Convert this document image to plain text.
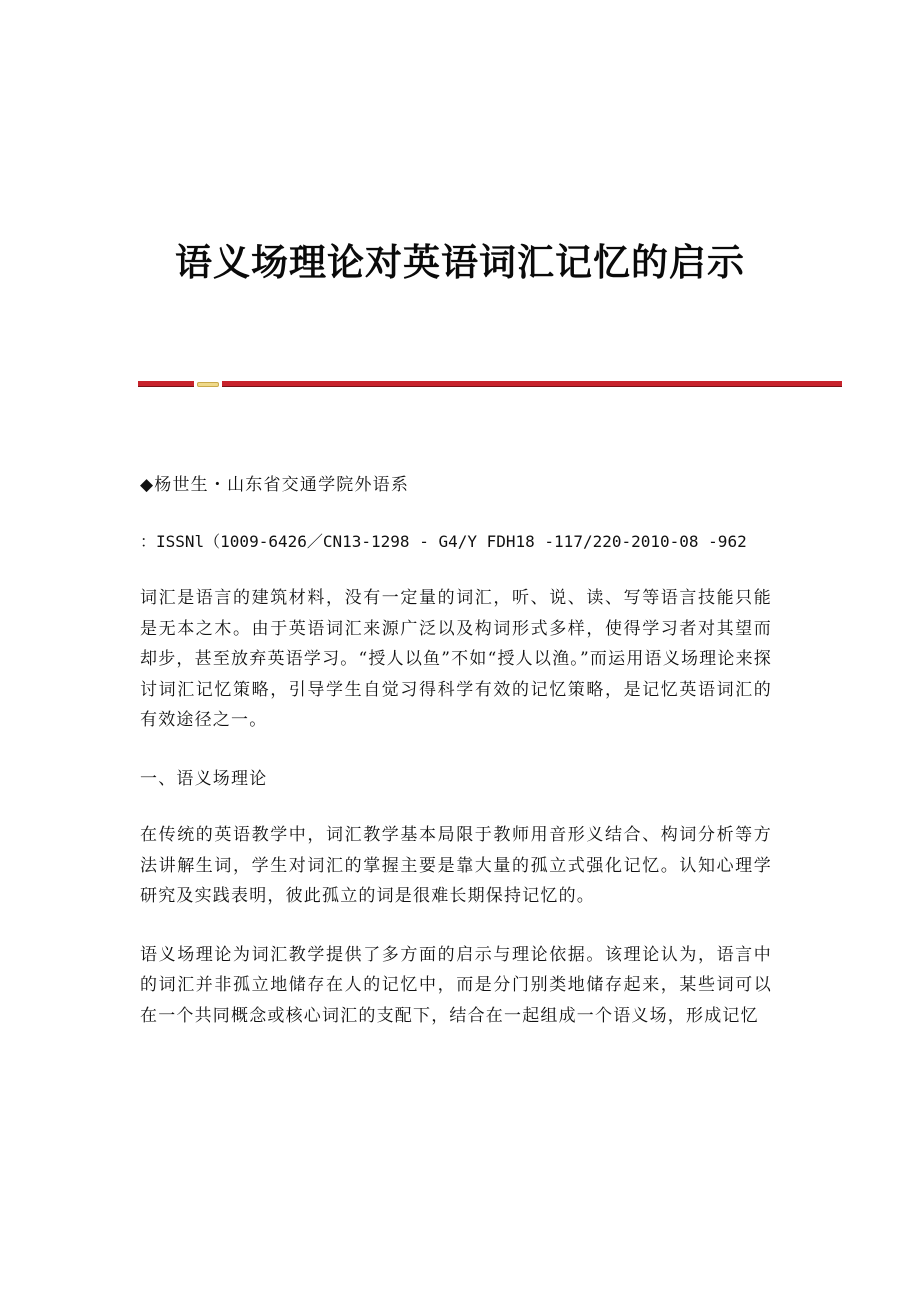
语义场理论对英语词汇记忆的启示

◆杨世生・山东省交通学院外语系

：ISSNl（1009-6426／CN13-1298 - G4/Y FDH18 -117/220-2010-08 -962

词汇是语言的建筑材料，没有一定量的词汇，听、说、读、写等语言技能只能是无本之木。由于英语词汇来源广泛以及构词形式多样，使得学习者对其望而却步，甚至放弃英语学习。“授人以鱼”不如“授人以渔。”而运用语义场理论来探讨词汇记忆策略，引导学生自觉习得科学有效的记忆策略，是记忆英语词汇的有效途径之一。

一、语义场理论

在传统的英语教学中，词汇教学基本局限于教师用音形义结合、构词分析等方法讲解生词，学生对词汇的掌握主要是靠大量的孤立式强化记忆。认知心理学研究及实践表明，彼此孤立的词是很难长期保持记忆的。

语义场理论为词汇教学提供了多方面的启示与理论依据。该理论认为，语言中的词汇并非孤立地储存在人的记忆中，而是分门别类地储存起来，某些词可以在一个共同概念或核心词汇的支配下，结合在一起组成一个语义场，形成记忆
